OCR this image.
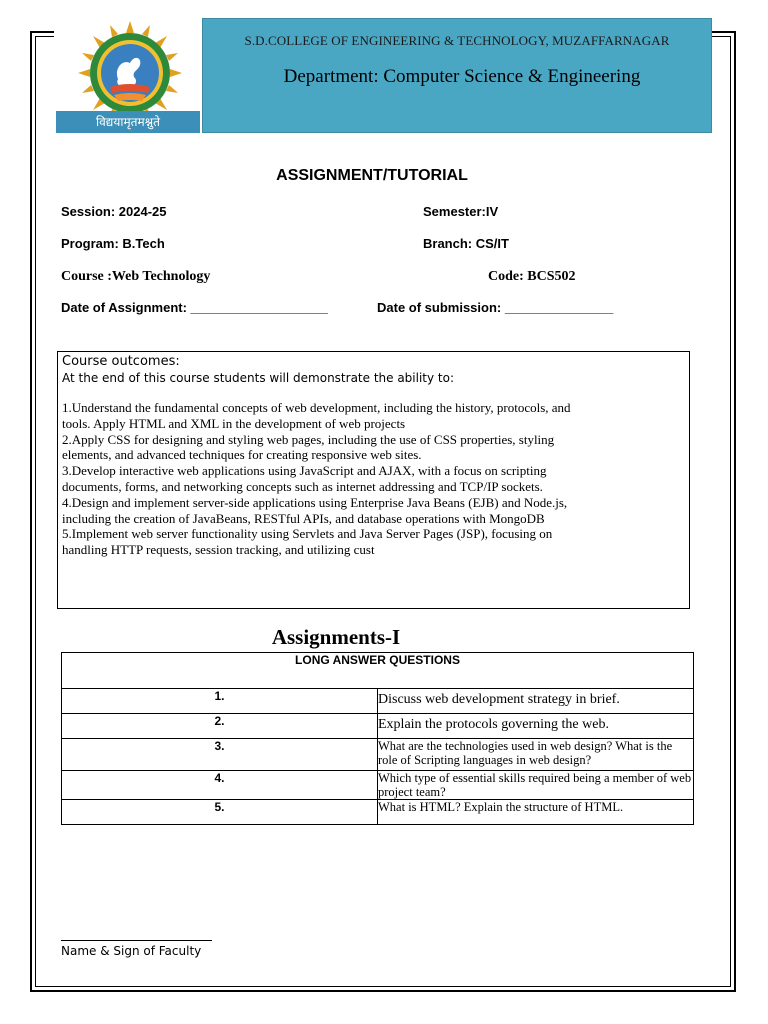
विद्ययामृतमश्नुते
S.D.COLLEGE OF ENGINEERING & TECHNOLOGY, MUZAFFARNAGAR
Department: Computer Science & Engineering
ASSIGNMENT/TUTORIAL
Session: 2024-25	Semester:IV
Program: B.Tech	Branch: CS/IT
Course :Web Technology	Code: BCS502
Date of Assignment: ___________________	Date of submission: _______________
Course outcomes:
At the end of this course students will demonstrate the ability to:
1.Understand the fundamental concepts of web development, including the history, protocols, and tools. Apply HTML and XML in the development of web projects
2.Apply CSS for designing and styling web pages, including the use of CSS properties, styling elements, and advanced techniques for creating responsive web sites.
3.Develop interactive web applications using JavaScript and AJAX, with a focus on scripting documents, forms, and networking concepts such as internet addressing and TCP/IP sockets.
4.Design and implement server-side applications using Enterprise Java Beans (EJB) and Node.js, including the creation of JavaBeans, RESTful APIs, and database operations with MongoDB
5.Implement web server functionality using Servlets and Java Server Pages (JSP), focusing on handling HTTP requests, session tracking, and utilizing cust
Assignments-I
LONG ANSWER QUESTIONS	
1.	Discuss web development strategy in brief.
2.	Explain the protocols governing the web.
3.	What are the technologies used in web design? What is the role of Scripting languages in web design?
4.	Which type of essential skills required being a member of web project team?
5.	What is HTML? Explain the structure of HTML.
Name & Sign of Faculty
